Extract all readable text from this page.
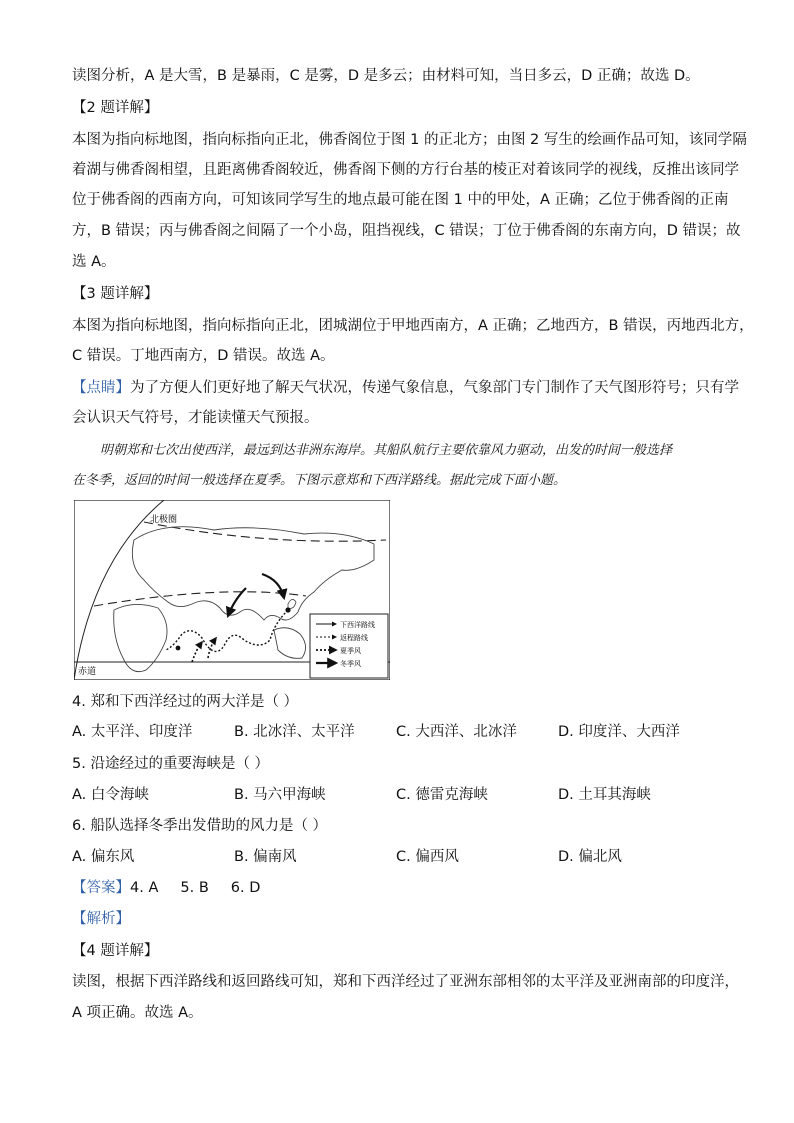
读图分析，A 是大雪，B 是暴雨，C 是雾，D 是多云；由材料可知，当日多云，D 正确；故选 D。
【2 题详解】
本图为指向标地图，指向标指向正北，佛香阁位于图 1 的正北方；由图 2 写生的绘画作品可知，该同学隔
着湖与佛香阁相望，且距离佛香阁较近，佛香阁下侧的方行台基的棱正对着该同学的视线，反推出该同学
位于佛香阁的西南方向，可知该同学写生的地点最可能在图 1 中的甲处，A 正确；乙位于佛香阁的正南
方，B 错误；丙与佛香阁之间隔了一个小岛，阻挡视线，C 错误；丁位于佛香阁的东南方向，D 错误；故
选 A。
【3 题详解】
本图为指向标地图，指向标指向正北，团城湖位于甲地西南方，A 正确；乙地西方，B 错误，丙地西北方，
C 错误。丁地西南方，D 错误。故选 A。
【点睛】为了方便人们更好地了解天气状况，传递气象信息，气象部门专门制作了天气图形符号；只有学
会认识天气符号，才能读懂天气预报。
明朝郑和七次出使西洋，最远到达非洲东海岸。其船队航行主要依靠风力驱动，出发的时间一般选择
在冬季，返回的时间一般选择在夏季。下图示意郑和下西洋路线。据此完成下面小题。
下西洋路线
返程路线
夏季风
冬季风
北极圈
赤道
4. 郑和下西洋经过的两大洋是（ ）
A. 太平洋、印度洋	B. 北冰洋、太平洋	C. 大西洋、北冰洋	D. 印度洋、大西洋
5. 沿途经过的重要海峡是（ ）
A. 白令海峡	B. 马六甲海峡	C. 德雷克海峡	D. 土耳其海峡
6. 船队选择冬季出发借助的风力是（ ）
A. 偏东风	B. 偏南风	C. 偏西风	D. 偏北风
【答案】4. A 5. B 6. D
【解析】
【4 题详解】
读图，根据下西洋路线和返回路线可知，郑和下西洋经过了亚洲东部相邻的太平洋及亚洲南部的印度洋，
A 项正确。故选 A。
